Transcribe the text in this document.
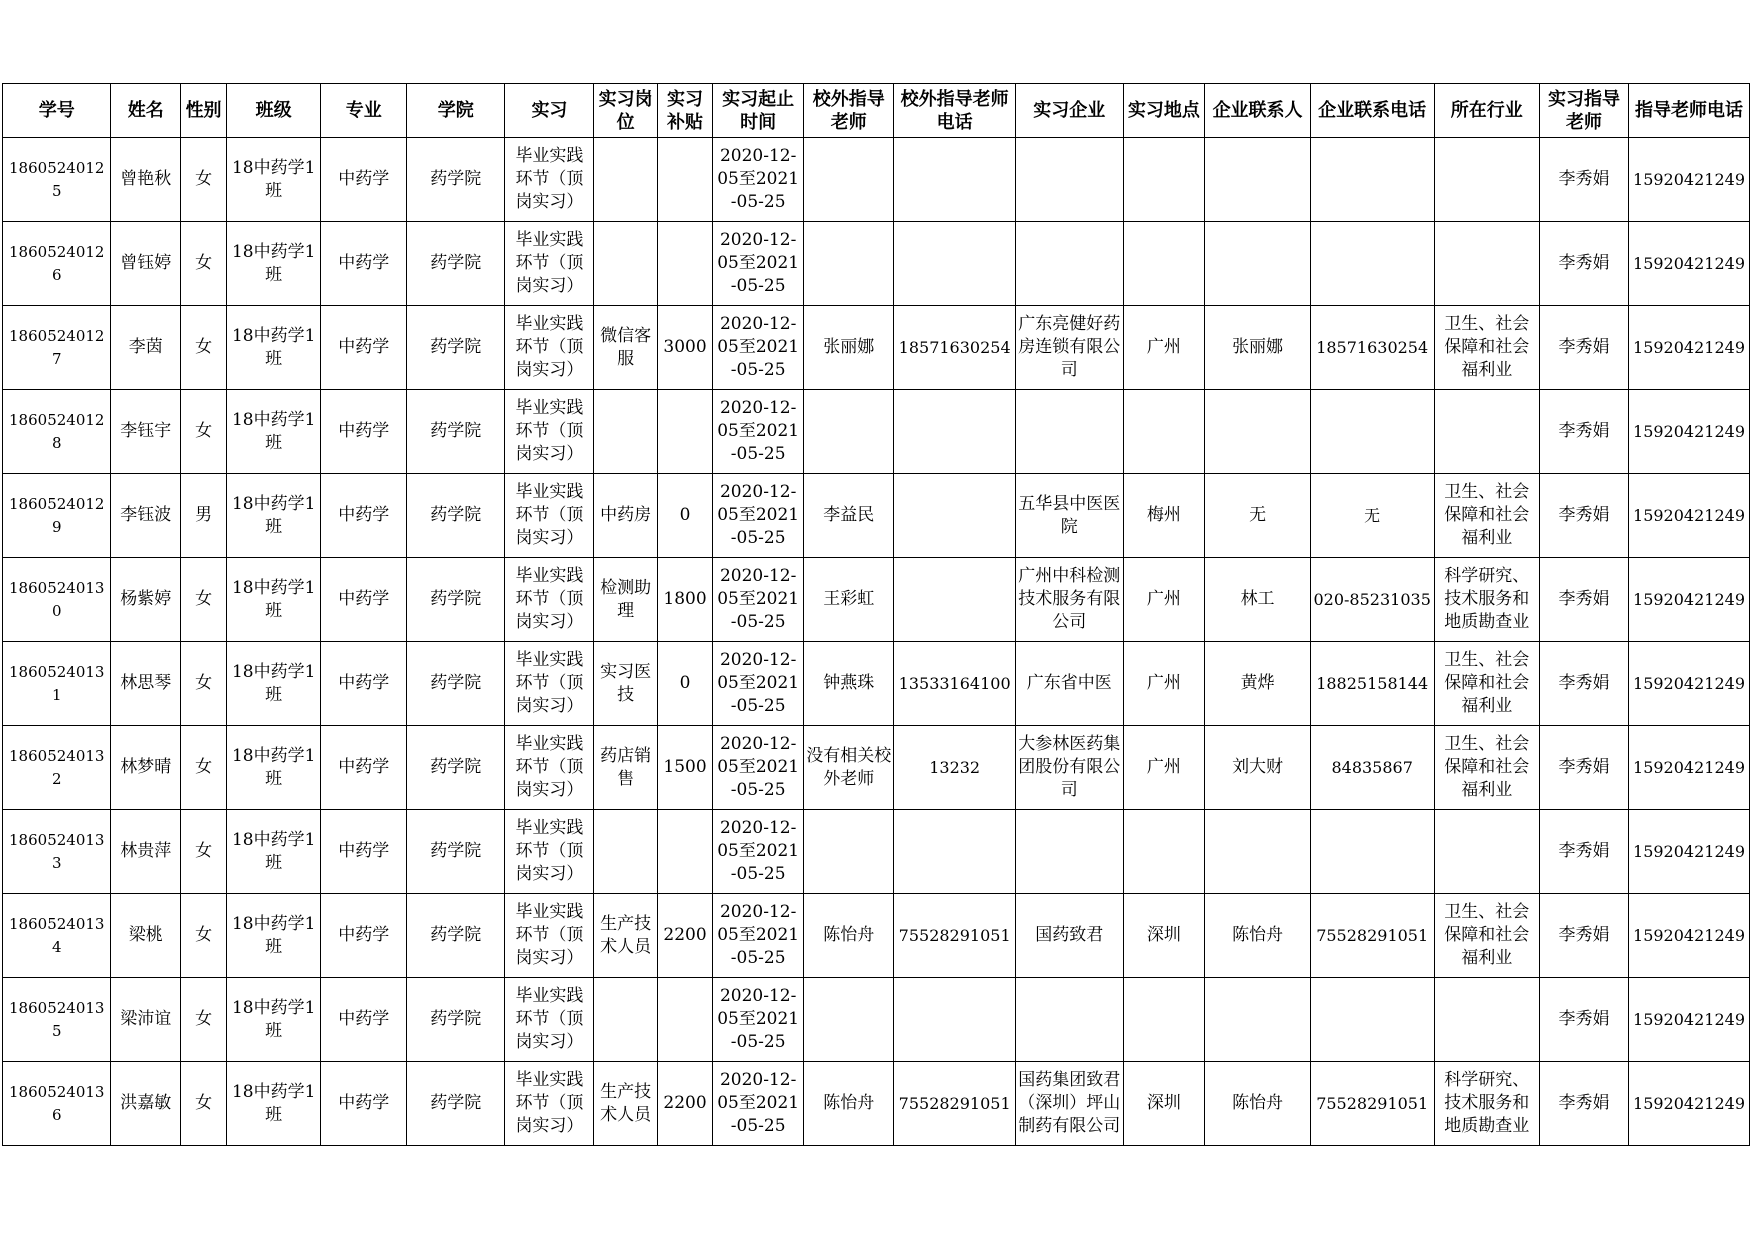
学号	姓名	性别	班级	专业	学院	实习	实习岗位	实习补贴	实习起止时间	校外指导老师	校外指导老师电话	实习企业	实习地点	企业联系人	企业联系电话	所在行业	实习指导老师	指导老师电话

18605240125	曾艳秋	女	18中药学1班	中药学	药学院	毕业实践环节（顶岗实习）			2020-12-05至2021-05-25								李秀娟	15920421249

18605240126	曾钰婷	女	18中药学1班	中药学	药学院	毕业实践环节（顶岗实习）			2020-12-05至2021-05-25								李秀娟	15920421249

18605240127	李茵	女	18中药学1班	中药学	药学院	毕业实践环节（顶岗实习）	微信客服	3000	2020-12-05至2021-05-25	张丽娜	18571630254	广东亮健好药房连锁有限公司	广州	张丽娜	18571630254	卫生、社会保障和社会福利业	李秀娟	15920421249

18605240128	李钰宇	女	18中药学1班	中药学	药学院	毕业实践环节（顶岗实习）			2020-12-05至2021-05-25								李秀娟	15920421249

18605240129	李钰波	男	18中药学1班	中药学	药学院	毕业实践环节（顶岗实习）	中药房	0	2020-12-05至2021-05-25	李益民		五华县中医医院	梅州	无	无	卫生、社会保障和社会福利业	李秀娟	15920421249

18605240130	杨紫婷	女	18中药学1班	中药学	药学院	毕业实践环节（顶岗实习）	检测助理	1800	2020-12-05至2021-05-25	王彩虹		广州中科检测技术服务有限公司	广州	林工	020-85231035	科学研究、技术服务和地质勘查业	李秀娟	15920421249

18605240131	林思琴	女	18中药学1班	中药学	药学院	毕业实践环节（顶岗实习）	实习医技	0	2020-12-05至2021-05-25	钟燕珠	13533164100	广东省中医	广州	黄烨	18825158144	卫生、社会保障和社会福利业	李秀娟	15920421249

18605240132	林梦晴	女	18中药学1班	中药学	药学院	毕业实践环节（顶岗实习）	药店销售	1500	2020-12-05至2021-05-25	没有相关校外老师	13232	大参林医药集团股份有限公司	广州	刘大财	84835867	卫生、社会保障和社会福利业	李秀娟	15920421249

18605240133	林贵萍	女	18中药学1班	中药学	药学院	毕业实践环节（顶岗实习）			2020-12-05至2021-05-25								李秀娟	15920421249

18605240134	梁桃	女	18中药学1班	中药学	药学院	毕业实践环节（顶岗实习）	生产技术人员	2200	2020-12-05至2021-05-25	陈怡舟	75528291051	国药致君	深圳	陈怡舟	75528291051	卫生、社会保障和社会福利业	李秀娟	15920421249

18605240135	梁沛谊	女	18中药学1班	中药学	药学院	毕业实践环节（顶岗实习）			2020-12-05至2021-05-25								李秀娟	15920421249

18605240136	洪嘉敏	女	18中药学1班	中药学	药学院	毕业实践环节（顶岗实习）	生产技术人员	2200	2020-12-05至2021-05-25	陈怡舟	75528291051	国药集团致君（深圳）坪山制药有限公司	深圳	陈怡舟	75528291051	科学研究、技术服务和地质勘查业	李秀娟	15920421249
